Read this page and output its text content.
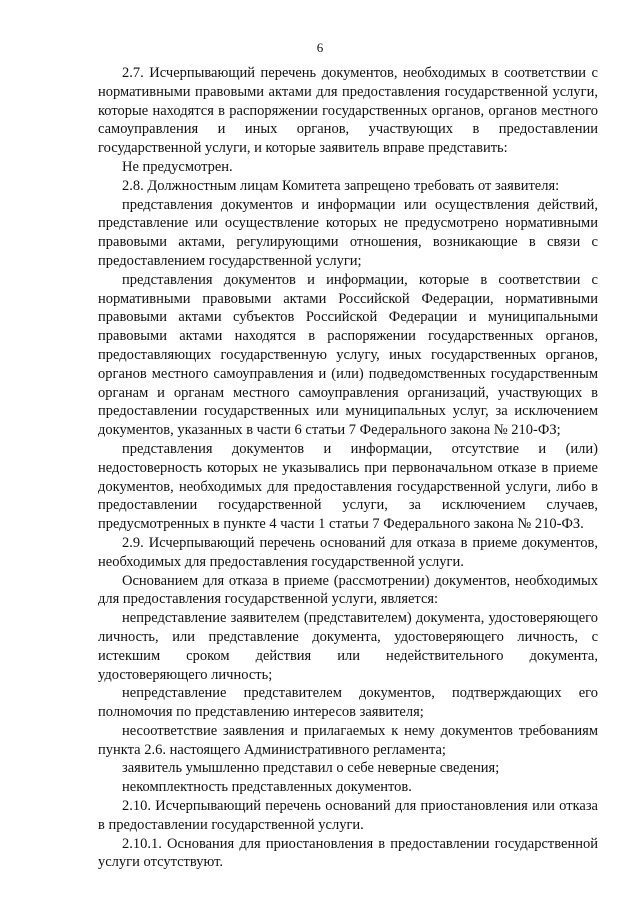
6

2.7. Исчерпывающий перечень документов, необходимых в соответствии с нормативными правовыми актами для предоставления государственной услуги, которые находятся в распоряжении государственных органов, органов местного самоуправления и иных органов, участвующих в предоставлении государственной услуги, и которые заявитель вправе представить:

Не предусмотрен.

2.8. Должностным лицам Комитета запрещено требовать от заявителя:

представления документов и информации или осуществления действий, представление или осуществление которых не предусмотрено нормативными правовыми актами, регулирующими отношения, возникающие в связи с предоставлением государственной услуги;

представления документов и информации, которые в соответствии с нормативными правовыми актами Российской Федерации, нормативными правовыми актами субъектов Российской Федерации и муниципальными правовыми актами находятся в распоряжении государственных органов, предоставляющих государственную услугу, иных государственных органов, органов местного самоуправления и (или) подведомственных государственным органам и органам местного самоуправления организаций, участвующих в предоставлении государственных или муниципальных услуг, за исключением документов, указанных в части 6 статьи 7 Федерального закона № 210-ФЗ;

представления документов и информации, отсутствие и (или) недостоверность которых не указывались при первоначальном отказе в приеме документов, необходимых для предоставления государственной услуги, либо в предоставлении государственной услуги, за исключением случаев, предусмотренных в пункте 4 части 1 статьи 7 Федерального закона № 210-ФЗ.

2.9. Исчерпывающий перечень оснований для отказа в приеме документов, необходимых для предоставления государственной услуги.

Основанием для отказа в приеме (рассмотрении) документов, необходимых для предоставления государственной услуги, является:

непредставление заявителем (представителем) документа, удостоверяющего личность, или представление документа, удостоверяющего личность, с истекшим сроком действия или недействительного документа, удостоверяющего личность;

непредставление представителем документов, подтверждающих его полномочия по представлению интересов заявителя;

несоответствие заявления и прилагаемых к нему документов требованиям пункта 2.6. настоящего Административного регламента;

заявитель умышленно представил о себе неверные сведения;

некомплектность представленных документов.

2.10. Исчерпывающий перечень оснований для приостановления или отказа в предоставлении государственной услуги.

2.10.1. Основания для приостановления в предоставлении государственной услуги отсутствуют.
